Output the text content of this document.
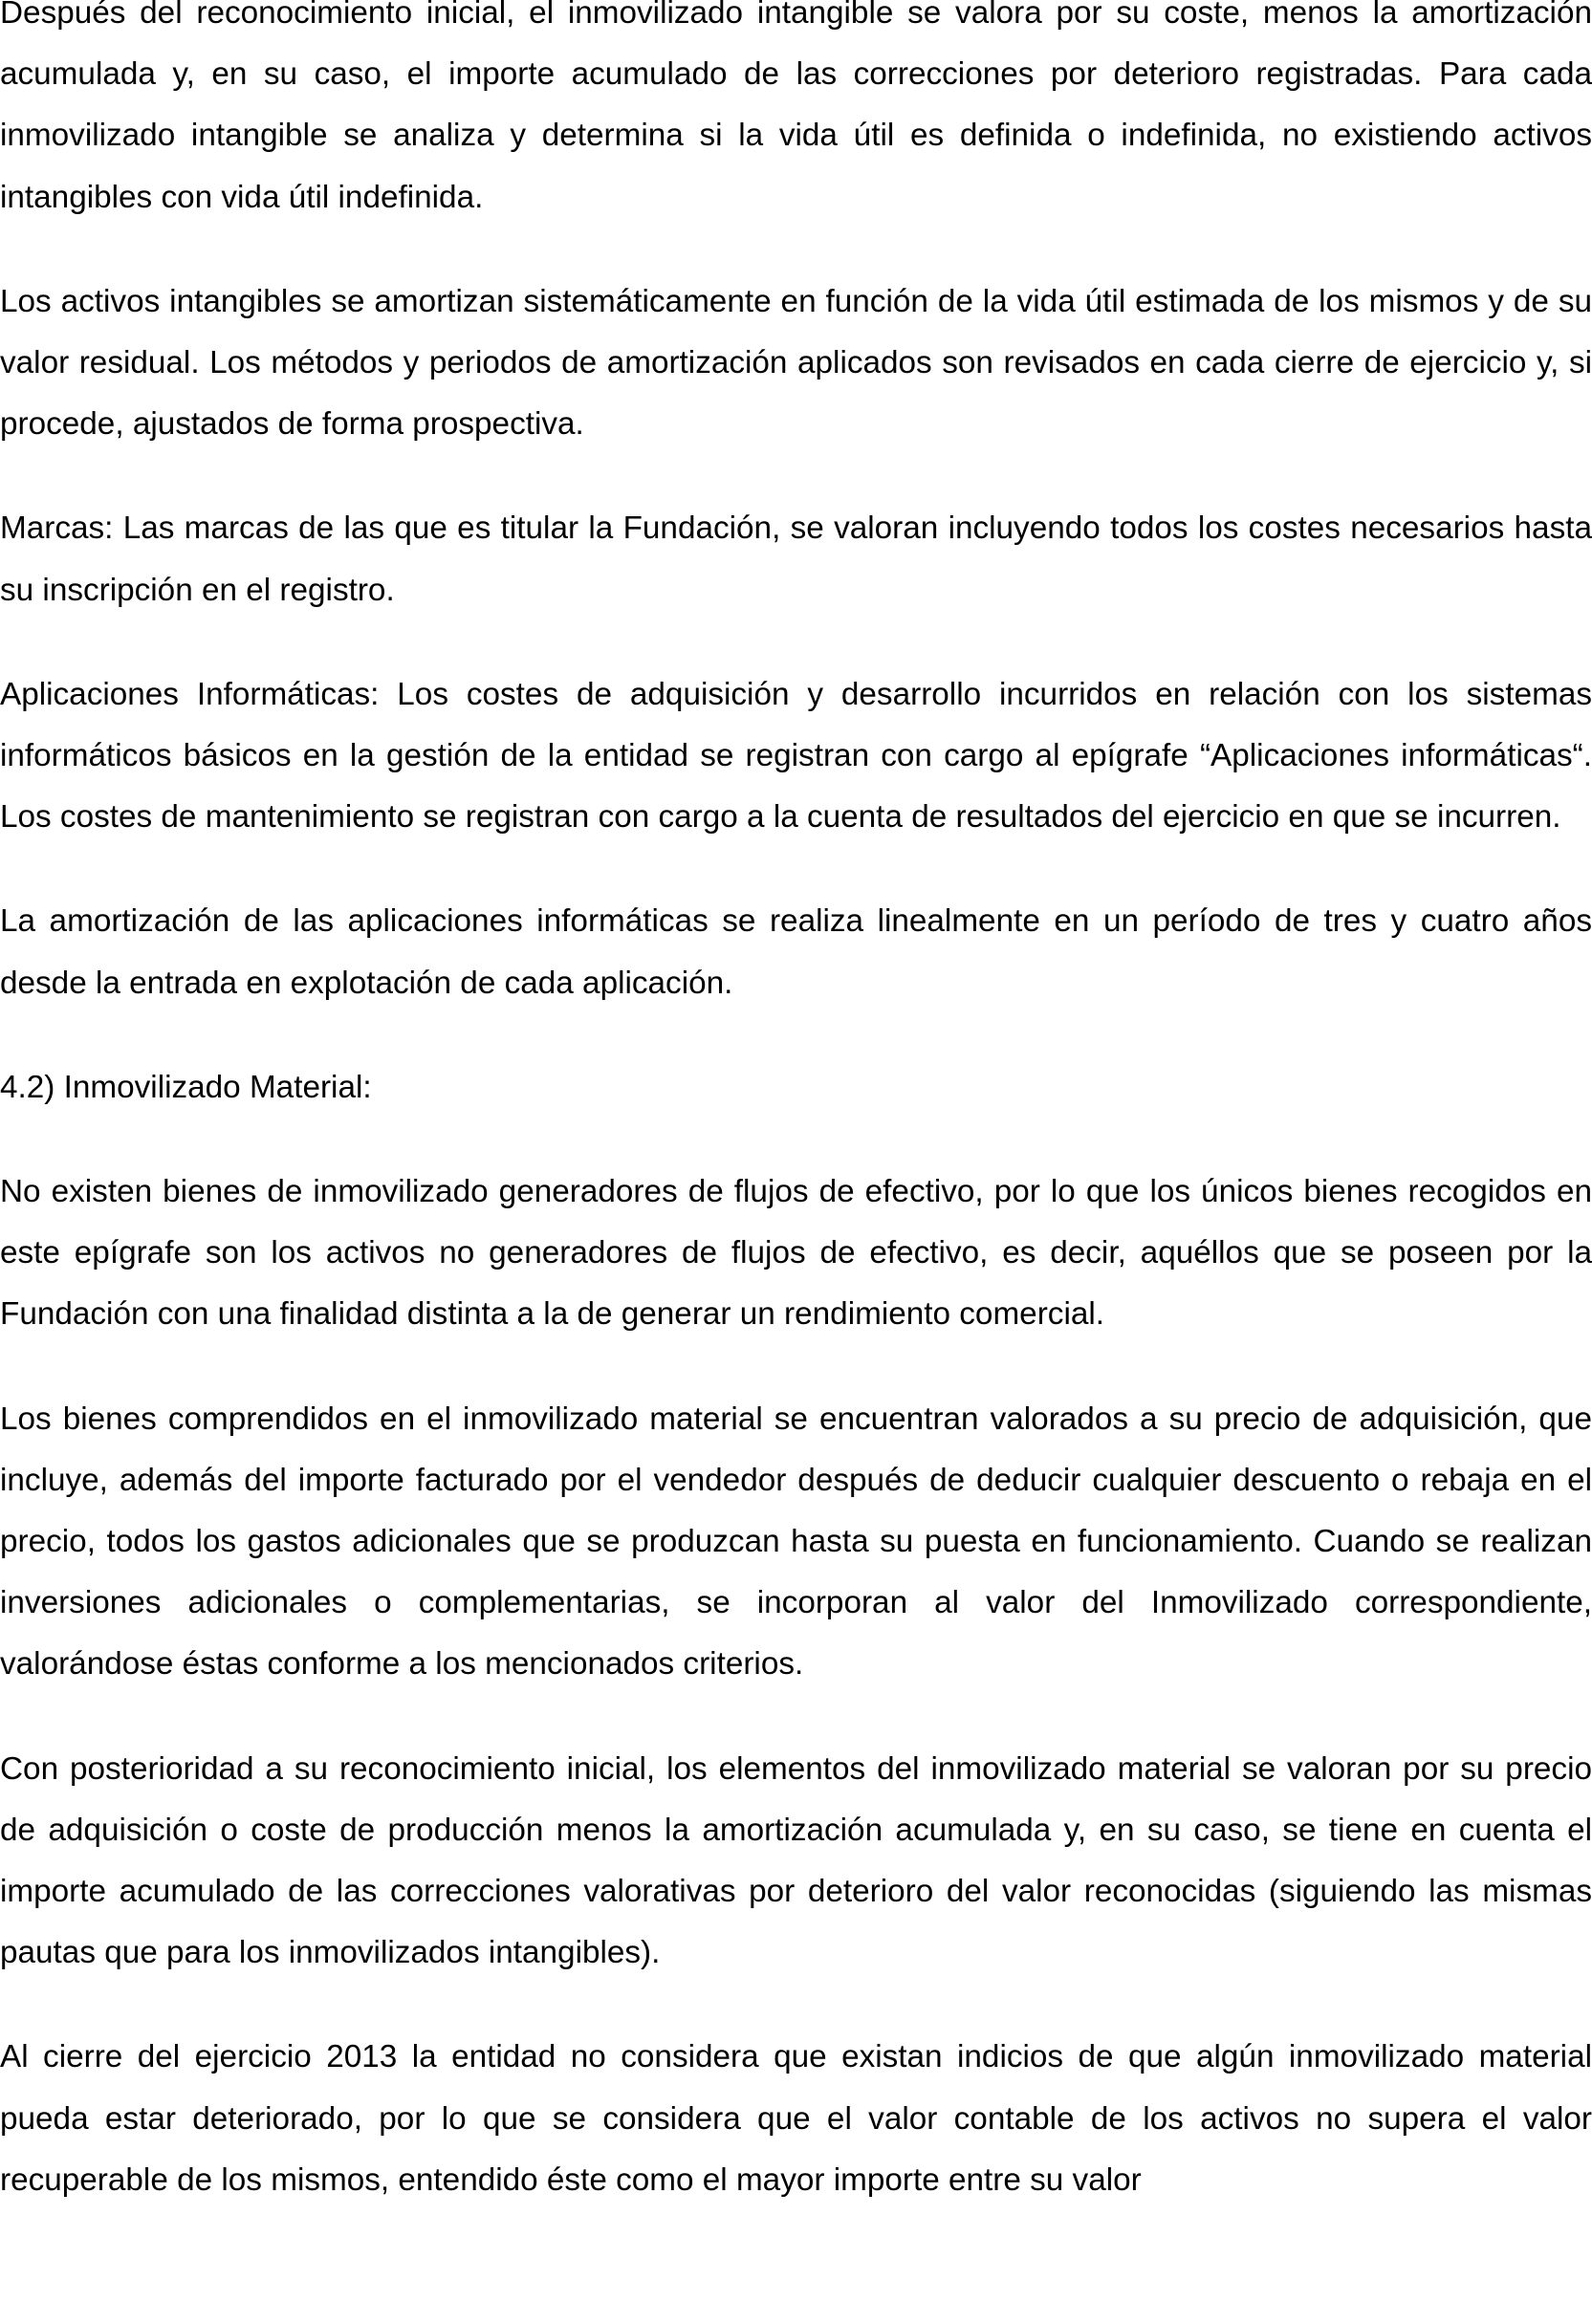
Después del reconocimiento inicial, el inmovilizado intangible se valora por su coste, menos la amortización acumulada y, en su caso, el importe acumulado de las correcciones por deterioro registradas. Para cada inmovilizado intangible se analiza y determina si la vida útil es definida o indefinida, no existiendo activos intangibles con vida útil indefinida.

Los activos intangibles se amortizan sistemáticamente en función de la vida útil estimada de los mismos y de su valor residual. Los métodos y periodos de amortización aplicados son revisados en cada cierre de ejercicio y, si procede, ajustados de forma prospectiva.

Marcas: Las marcas de las que es titular la Fundación, se valoran incluyendo todos los costes necesarios hasta su inscripción en el registro.

Aplicaciones Informáticas: Los costes de adquisición y desarrollo incurridos en relación con los sistemas informáticos básicos en la gestión de la entidad se registran con cargo al epígrafe “Aplicaciones informáticas“. Los costes de mantenimiento se registran con cargo a la cuenta de resultados del ejercicio en que se incurren.

La amortización de las aplicaciones informáticas se realiza linealmente en un período de tres y cuatro años desde la entrada en explotación de cada aplicación.

4.2) Inmovilizado Material:

No existen bienes de inmovilizado generadores de flujos de efectivo, por lo que los únicos bienes recogidos en este epígrafe son los activos no generadores de flujos de efectivo, es decir, aquéllos que se poseen por la Fundación con una finalidad distinta a la de generar un rendimiento comercial.

Los bienes comprendidos en el inmovilizado material se encuentran valorados a su precio de adquisición, que incluye, además del importe facturado por el vendedor después de deducir cualquier descuento o rebaja en el precio, todos los gastos adicionales que se produzcan hasta su puesta en funcionamiento. Cuando se realizan inversiones adicionales o complementarias, se incorporan al valor del Inmovilizado correspondiente, valorándose éstas conforme a los mencionados criterios.

Con posterioridad a su reconocimiento inicial, los elementos del inmovilizado material se valoran por su precio de adquisición o coste de producción menos la amortización acumulada y, en su caso, se tiene en cuenta el importe acumulado de las correcciones valorativas por deterioro del valor reconocidas (siguiendo las mismas pautas que para los inmovilizados intangibles).

Al cierre del ejercicio 2013 la entidad no considera que existan indicios de que algún inmovilizado material pueda estar deteriorado, por lo que se considera que el valor contable de los activos no supera el valor recuperable de los mismos, entendido éste como el mayor importe entre su valor
